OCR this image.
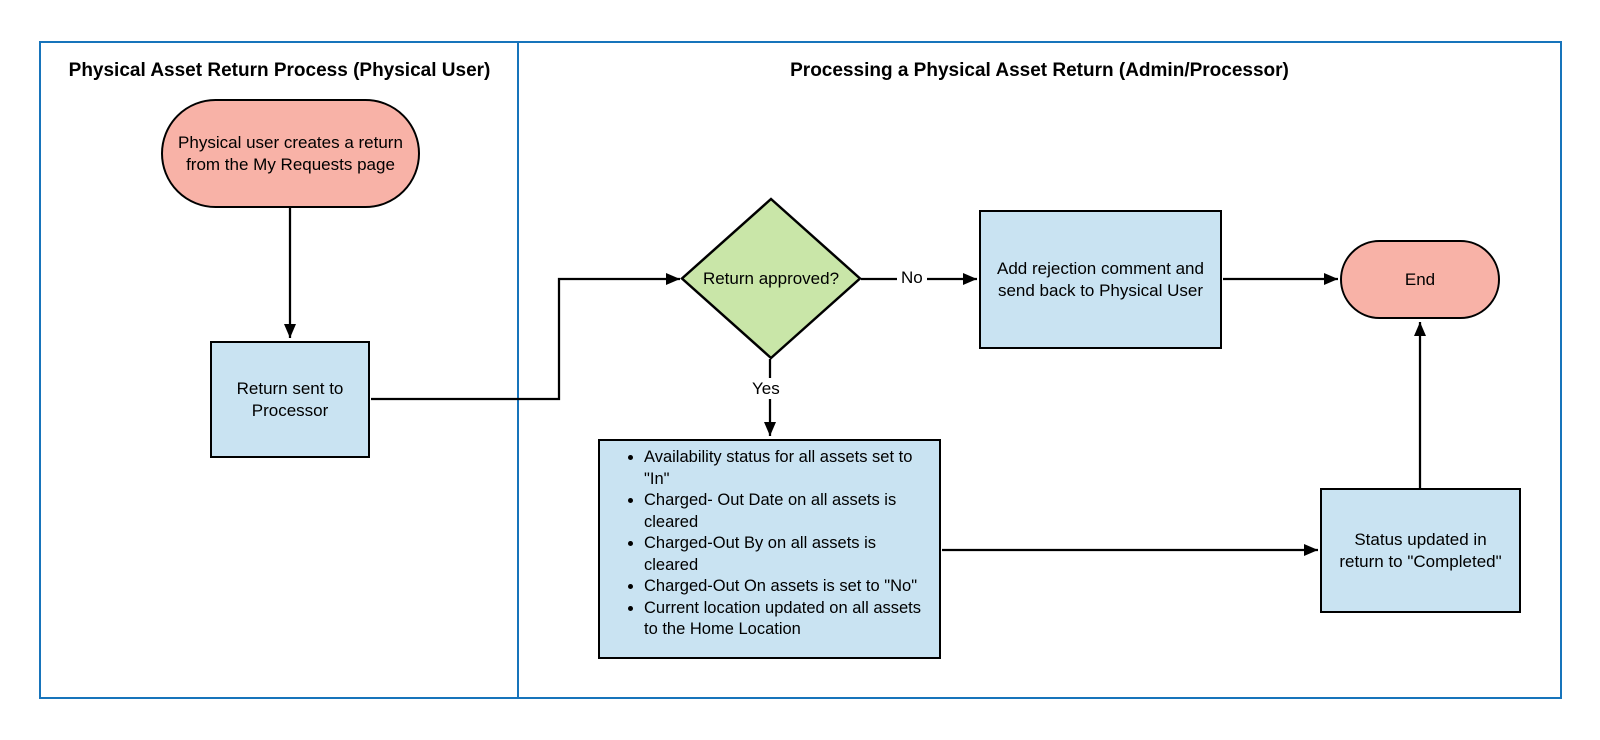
Physical Asset Return Process (Physical User)	Processing a Physical Asset Return (Admin/Processor)
Physical user creates a return from the My Requests page
Return sent to Processor
Return approved?
Add rejection comment and send back to Physical User
• Availability status for all assets set to "In"
• Charged- Out Date on all assets is cleared
• Charged-Out By on all assets is cleared
• Charged-Out On assets is set to "No"
• Current location updated on all assets to the Home Location
Status updated in return to "Completed"
End
No
Yes
